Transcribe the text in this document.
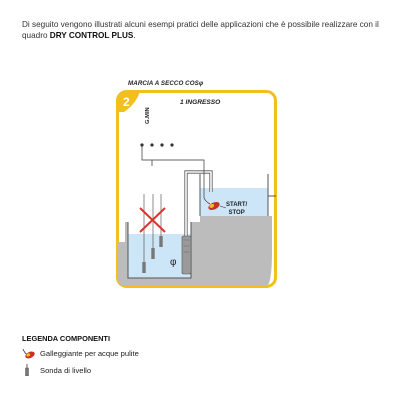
Di seguito vengono illustrati alcuni esempi pratici delle applicazioni che è possibile realizzare con il quadro DRY CONTROL PLUS.
MARCIA A SECCO COSφ
2	1 INGRESSO
G.MIN
START/
STOP
φ
LEGENDA COMPONENTI
Galleggiante per acque pulite
Sonda di livello
